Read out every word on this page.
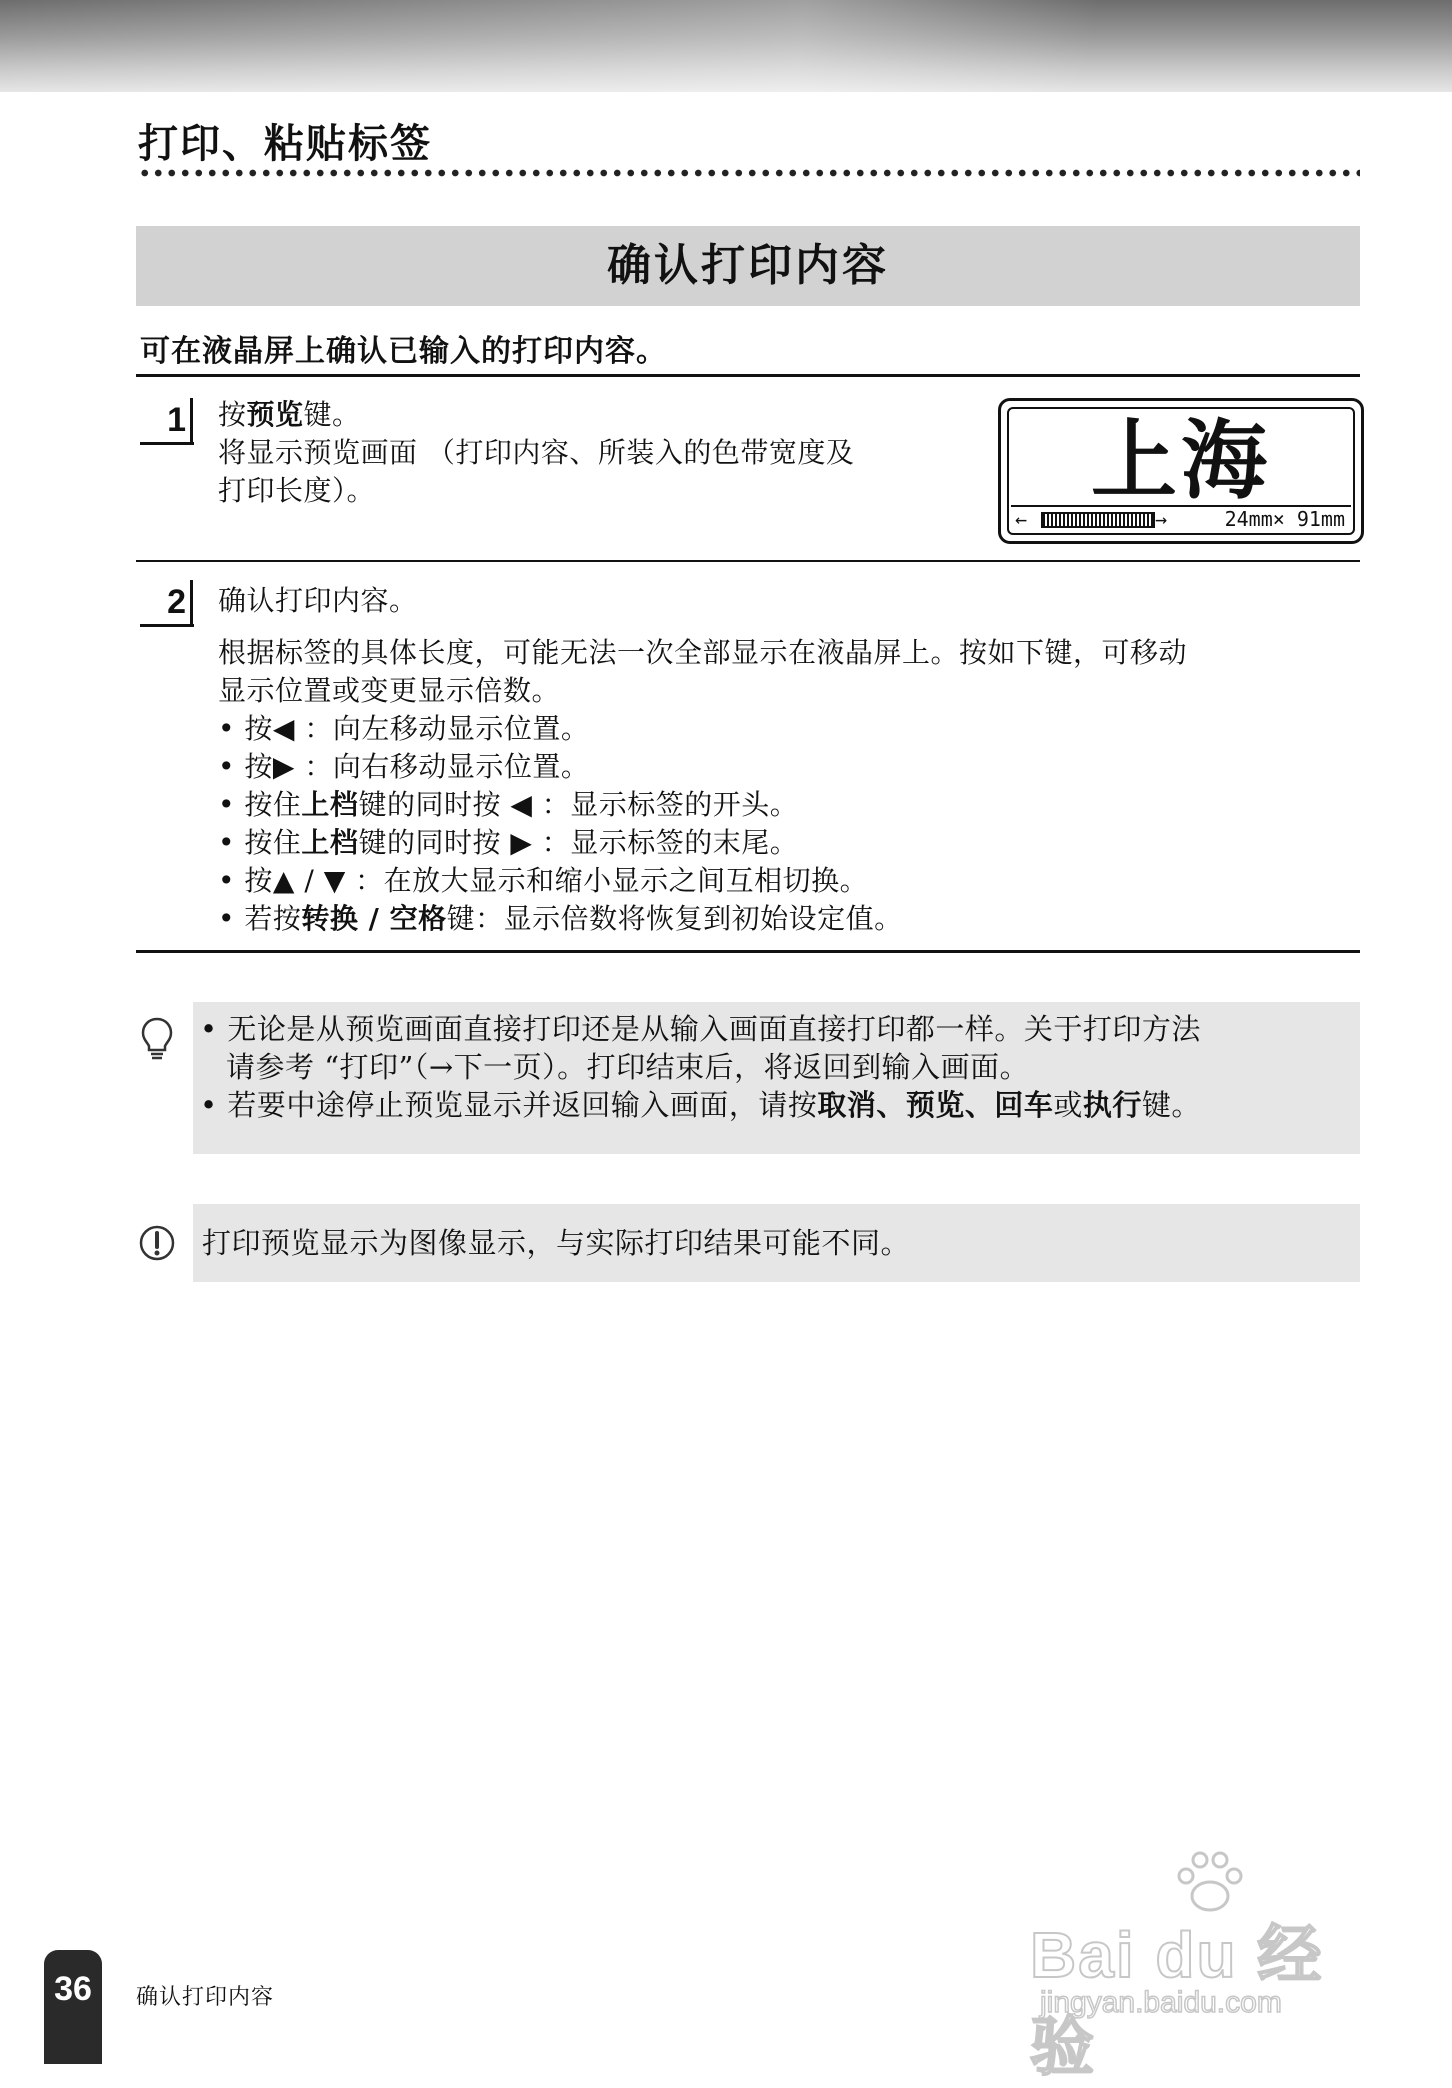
打印、粘贴标签
确认打印内容
可在液晶屏上确认已输入的打印内容。
1 按预览键。
将显示预览画面 （打印内容、所装入的色带宽度及
打印长度）。	上海
←	→	24mm× 91mm
2 确认打印内容。
根据标签的具体长度，可能无法一次全部显示在液晶屏上。按如下键，可移动
显示位置或变更显示倍数。
• 按◀ ：向左移动显示位置。
• 按▶ ：向右移动显示位置。
• 按住上档键的同时按 ◀ ：显示标签的开头。
• 按住上档键的同时按 ▶ ：显示标签的末尾。
• 按▲ / ▼ ：在放大显示和缩小显示之间互相切换。
• 若按转换 / 空格键：显示倍数将恢复到初始设定值。
• 无论是从预览画面直接打印还是从输入画面直接打印都一样。关于打印方法
请参考 “打印”（→下一页）。打印结束后，将返回到输入画面。
• 若要中途停止预览显示并返回输入画面，请按取消、预览、回车或执行键。
打印预览显示为图像显示，与实际打印结果可能不同。
36	确认打印内容
Bai du 经验
jingyan.baidu.com
